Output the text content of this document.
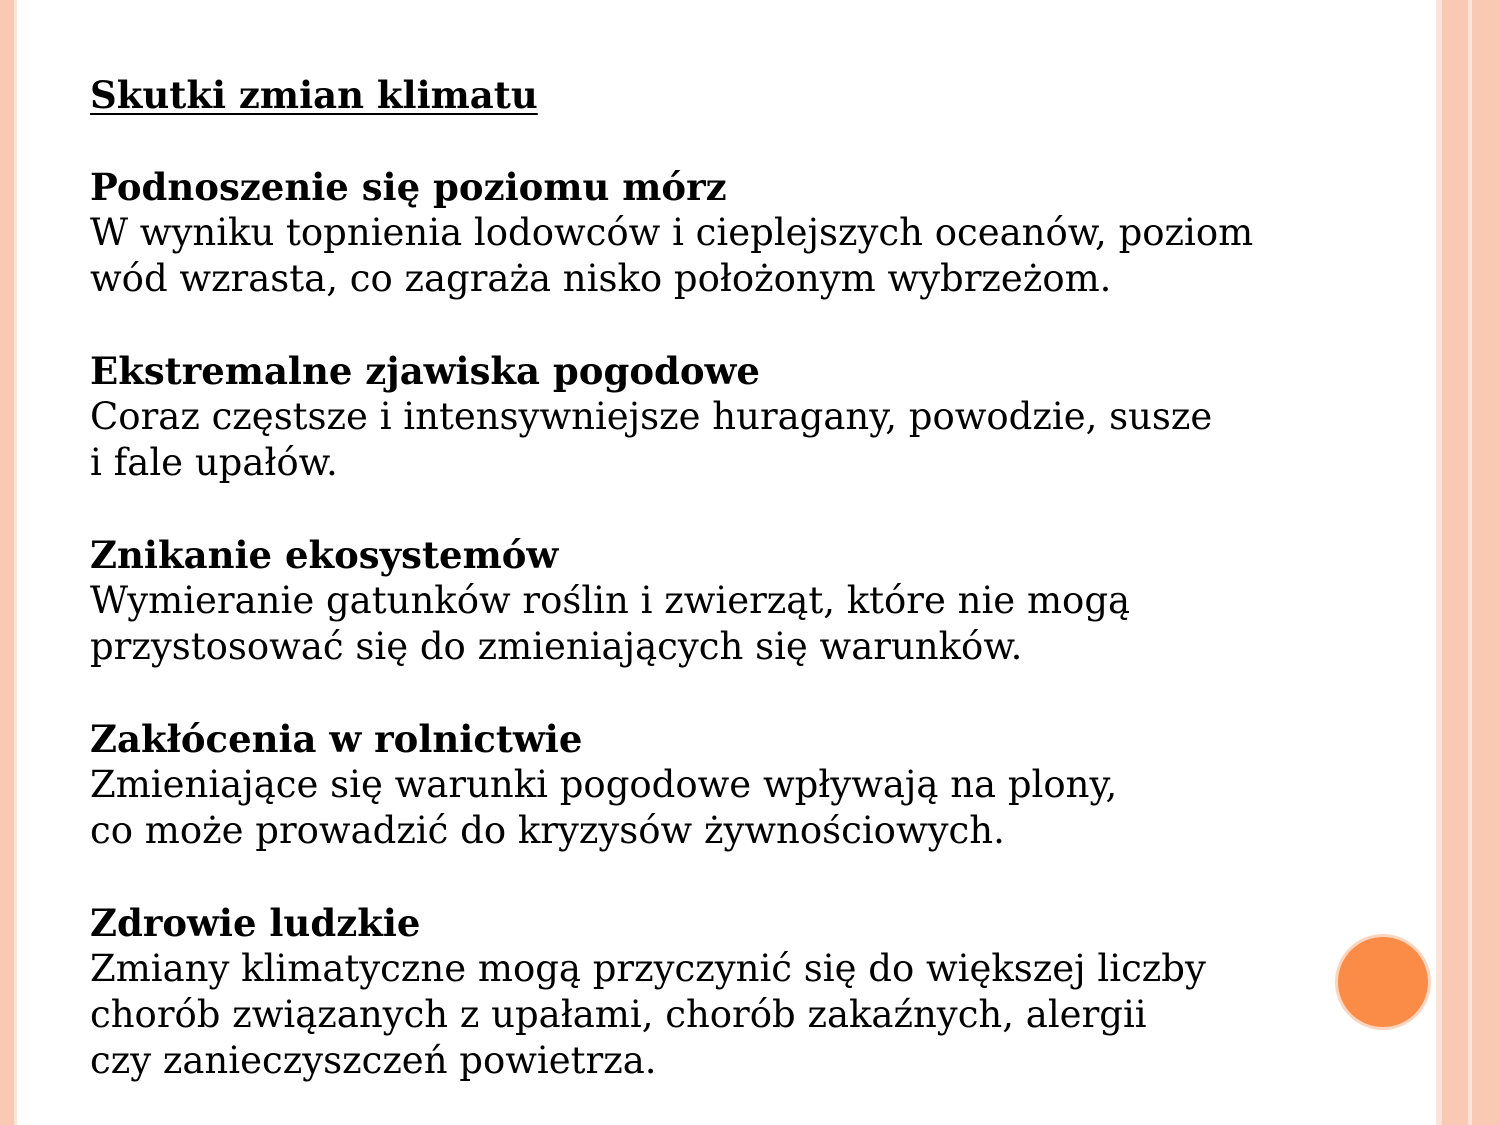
Skutki zmian klimatu
Podnoszenie się poziomu mórz
W wyniku topnienia lodowców i cieplejszych oceanów, poziom
wód wzrasta, co zagraża nisko położonym wybrzeżom.
Ekstremalne zjawiska pogodowe
Coraz częstsze i intensywniejsze huragany, powodzie, susze
i fale upałów.
Znikanie ekosystemów
Wymieranie gatunków roślin i zwierząt, które nie mogą
przystosować się do zmieniających się warunków.
Zakłócenia w rolnictwie
Zmieniające się warunki pogodowe wpływają na plony,
co może prowadzić do kryzysów żywnościowych.
Zdrowie ludzkie
Zmiany klimatyczne mogą przyczynić się do większej liczby
chorób związanych z upałami, chorób zakaźnych, alergii
czy zanieczyszczeń powietrza.
